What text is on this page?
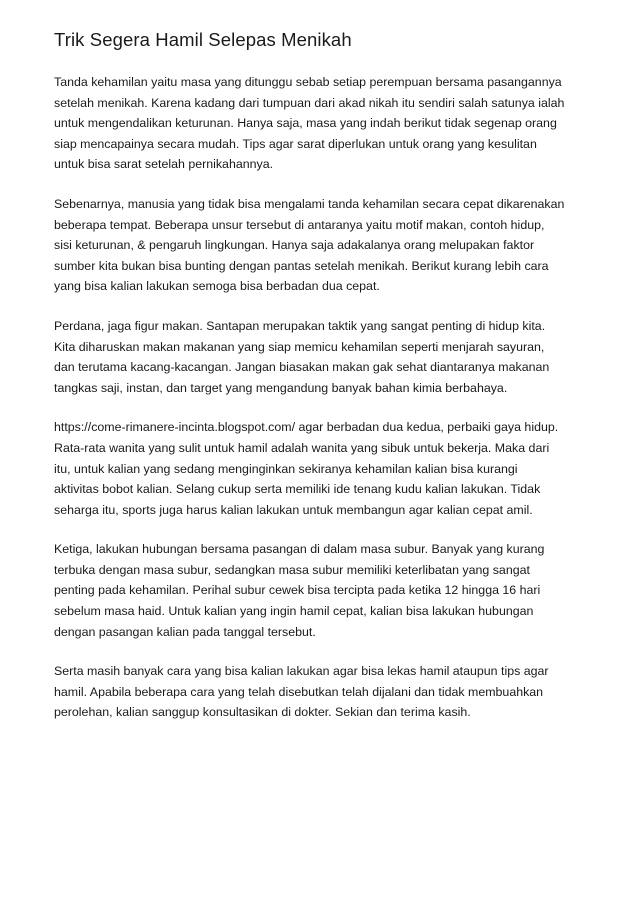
Trik Segera Hamil Selepas Menikah

Tanda kehamilan yaitu masa yang ditunggu sebab setiap perempuan bersama pasangannya
setelah menikah. Karena kadang dari tumpuan dari akad nikah itu sendiri salah satunya ialah
untuk mengendalikan keturunan. Hanya saja, masa yang indah berikut tidak segenap orang
siap mencapainya secara mudah. Tips agar sarat diperlukan untuk orang yang kesulitan
untuk bisa sarat setelah pernikahannya.

Sebenarnya, manusia yang tidak bisa mengalami tanda kehamilan secara cepat dikarenakan
beberapa tempat. Beberapa unsur tersebut di antaranya yaitu motif makan, contoh hidup,
sisi keturunan, & pengaruh lingkungan. Hanya saja adakalanya orang melupakan faktor
sumber kita bukan bisa bunting dengan pantas setelah menikah. Berikut kurang lebih cara
yang bisa kalian lakukan semoga bisa berbadan dua cepat.

Perdana, jaga figur makan. Santapan merupakan taktik yang sangat penting di hidup kita.
Kita diharuskan makan makanan yang siap memicu kehamilan seperti menjarah sayuran,
dan terutama kacang-kacangan. Jangan biasakan makan gak sehat diantaranya makanan
tangkas saji, instan, dan target yang mengandung banyak bahan kimia berbahaya.

https://come-rimanere-incinta.blogspot.com/ agar berbadan dua kedua, perbaiki gaya hidup.
Rata-rata wanita yang sulit untuk hamil adalah wanita yang sibuk untuk bekerja. Maka dari
itu, untuk kalian yang sedang menginginkan sekiranya kehamilan kalian bisa kurangi
aktivitas bobot kalian. Selang cukup serta memiliki ide tenang kudu kalian lakukan. Tidak
seharga itu, sports juga harus kalian lakukan untuk membangun agar kalian cepat amil.

Ketiga, lakukan hubungan bersama pasangan di dalam masa subur. Banyak yang kurang
terbuka dengan masa subur, sedangkan masa subur memiliki keterlibatan yang sangat
penting pada kehamilan. Perihal subur cewek bisa tercipta pada ketika 12 hingga 16 hari
sebelum masa haid. Untuk kalian yang ingin hamil cepat, kalian bisa lakukan hubungan
dengan pasangan kalian pada tanggal tersebut.

Serta masih banyak cara yang bisa kalian lakukan agar bisa lekas hamil ataupun tips agar
hamil. Apabila beberapa cara yang telah disebutkan telah dijalani dan tidak membuahkan
perolehan, kalian sanggup konsultasikan di dokter. Sekian dan terima kasih.
